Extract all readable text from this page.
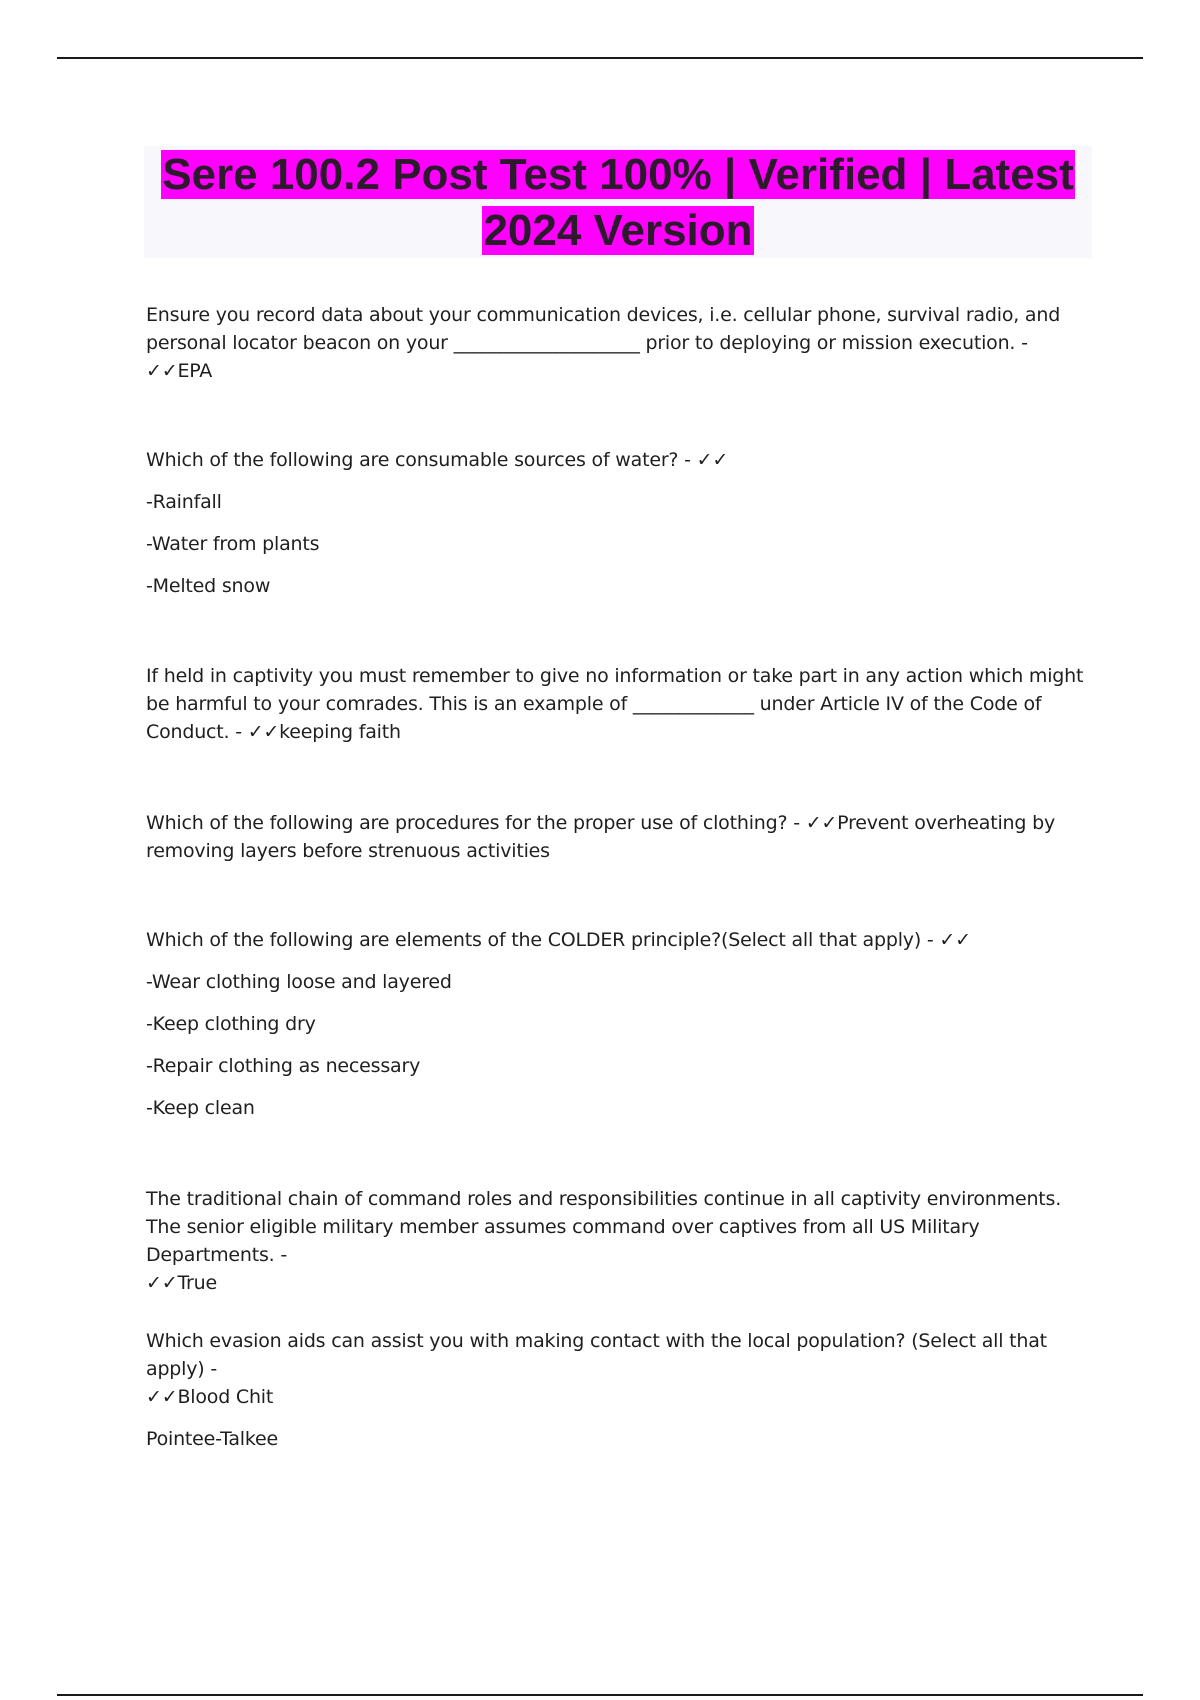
Sere 100.2 Post Test 100% | Verified | Latest 2024 Version

Ensure you record data about your communication devices, i.e. cellular phone, survival radio, and personal locator beacon on your ____________________ prior to deploying or mission execution. -

✓✓EPA

Which of the following are consumable sources of water? - ✓✓

-Rainfall

-Water from plants

-Melted snow

If held in captivity you must remember to give no information or take part in any action which might be harmful to your comrades. This is an example of _____________ under Article IV of the Code of Conduct. - ✓✓keeping faith

Which of the following are procedures for the proper use of clothing? - ✓✓Prevent overheating by removing layers before strenuous activities

Which of the following are elements of the COLDER principle?(Select all that apply) - ✓✓

-Wear clothing loose and layered

-Keep clothing dry

-Repair clothing as necessary

-Keep clean

The traditional chain of command roles and responsibilities continue in all captivity environments. The senior eligible military member assumes command over captives from all US Military Departments. -

✓✓True

Which evasion aids can assist you with making contact with the local population? (Select all that apply) -

✓✓Blood Chit

Pointee-Talkee
